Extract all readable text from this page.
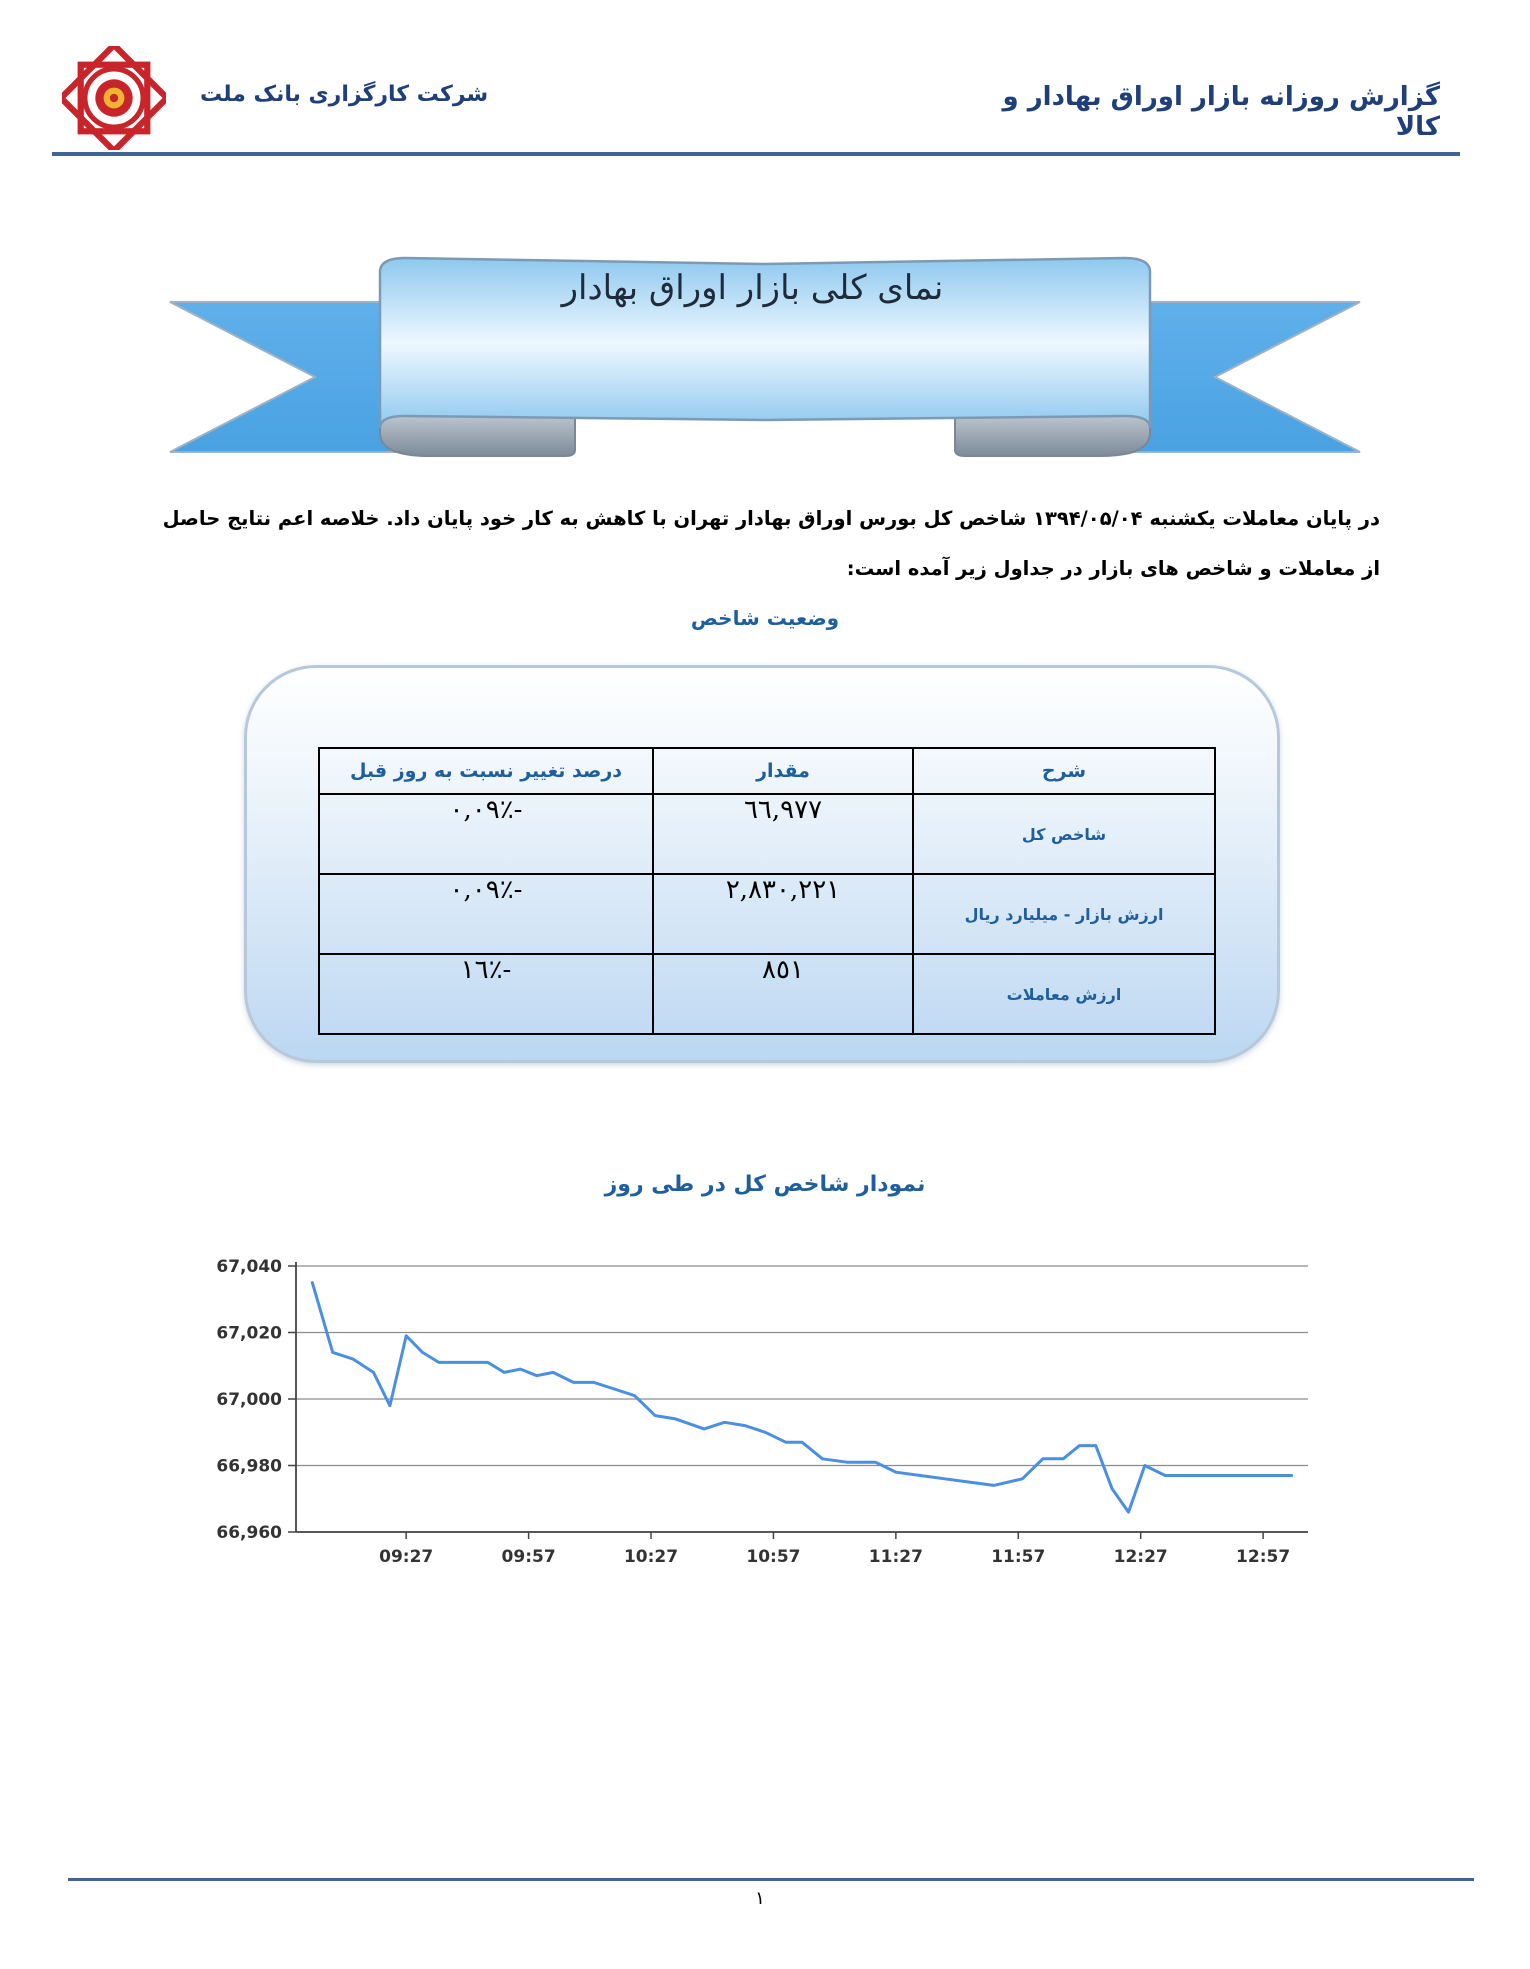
شرکت کارگزاری بانک ملت	گزارش روزانه بازار اوراق بهادار و کالا
نمای کلی بازار اوراق بهادار
در پایان معاملات یکشنبه ۱۳۹۴/۰۵/۰۴ شاخص کل بورس اوراق بهادار تهران با کاهش به کار خود پایان داد. خلاصه اعم نتایج حاصل از معاملات و شاخص های بازار در جداول زیر آمده است:
وضعیت شاخص
شرح	مقدار	درصد تغییر نسبت به روز قبل
شاخص کل	٦٦,٩٧٧	-٪٠,٠٩
ارزش بازار - میلیارد ریال	٢,٨٣٠,٢٢١	-٪٠,٠٩
ارزش معاملات	٨٥١	-٪١٦
نمودار شاخص کل در طی روز
66,960
66,980
67,000
67,020
67,040
09:27	09:57	10:27	10:57	11:27	11:57	12:27	12:57
١
